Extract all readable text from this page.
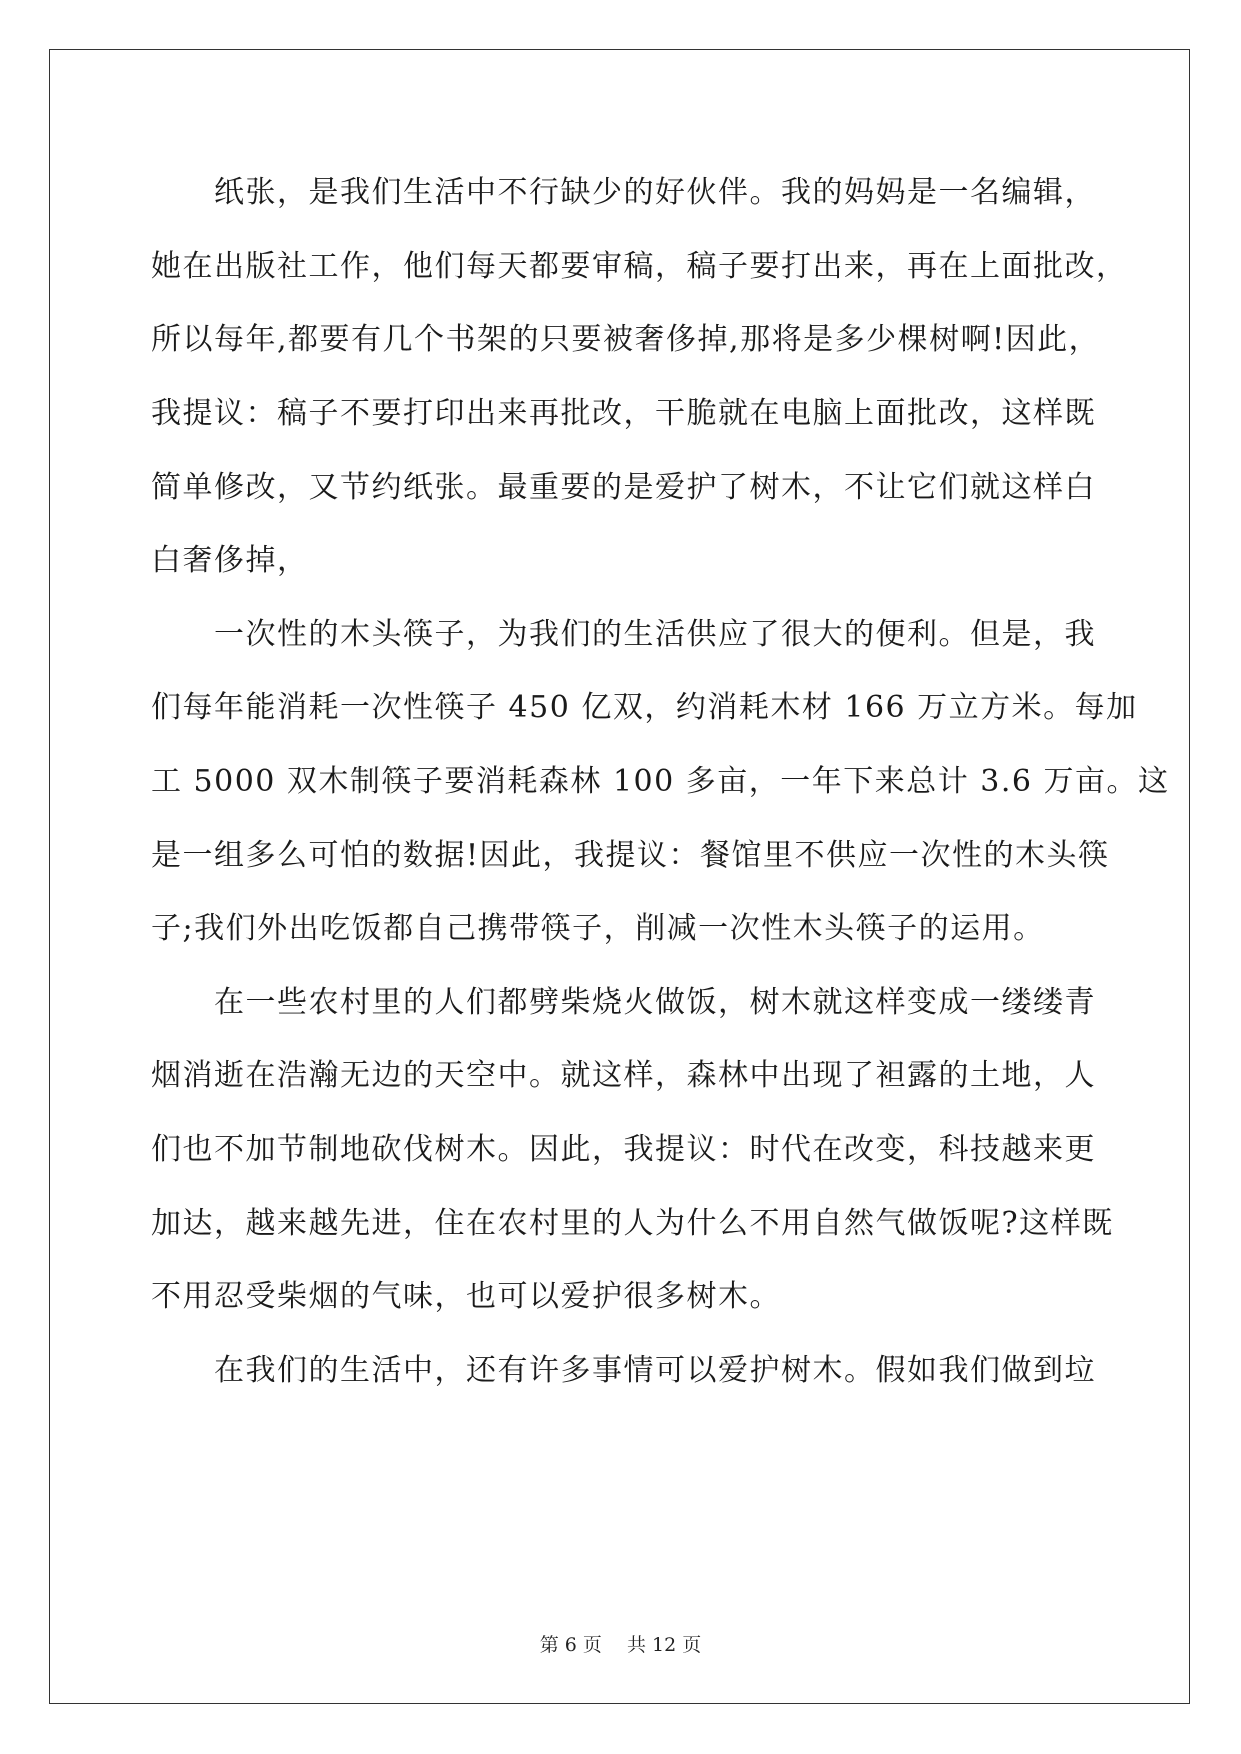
　　纸张，是我们生活中不行缺少的好伙伴。我的妈妈是一名编辑，
她在出版社工作，他们每天都要审稿，稿子要打出来，再在上面批改，
所以每年,都要有几个书架的只要被奢侈掉,那将是多少棵树啊!因此，
我提议：稿子不要打印出来再批改，干脆就在电脑上面批改，这样既
简单修改，又节约纸张。最重要的是爱护了树木，不让它们就这样白
白奢侈掉，
　　一次性的木头筷子，为我们的生活供应了很大的便利。但是，我
们每年能消耗一次性筷子 450 亿双，约消耗木材 166 万立方米。每加
工 5000 双木制筷子要消耗森林 100 多亩，一年下来总计 3.6 万亩。这
是一组多么可怕的数据!因此，我提议：餐馆里不供应一次性的木头筷
子;我们外出吃饭都自己携带筷子，削减一次性木头筷子的运用。
　　在一些农村里的人们都劈柴烧火做饭，树木就这样变成一缕缕青
烟消逝在浩瀚无边的天空中。就这样，森林中出现了袒露的土地，人
们也不加节制地砍伐树木。因此，我提议：时代在改变，科技越来更
加达，越来越先进，住在农村里的人为什么不用自然气做饭呢?这样既
不用忍受柴烟的气味，也可以爱护很多树木。
　　在我们的生活中，还有许多事情可以爱护树木。假如我们做到垃
第 6 页　 共 12 页
